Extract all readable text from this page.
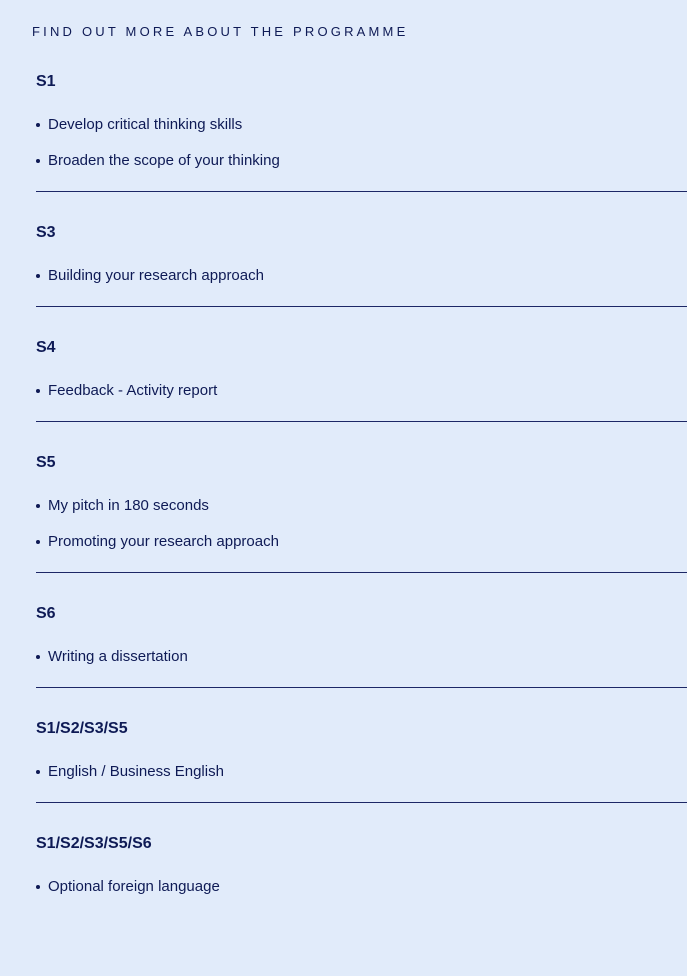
FIND OUT MORE ABOUT THE PROGRAMME
S1
Develop critical thinking skills
Broaden the scope of your thinking
S3
Building your research approach
S4
Feedback - Activity report
S5
My pitch in 180 seconds
Promoting your research approach
S6
Writing a dissertation
S1/S2/S3/S5
English / Business English
S1/S2/S3/S5/S6
Optional foreign language
